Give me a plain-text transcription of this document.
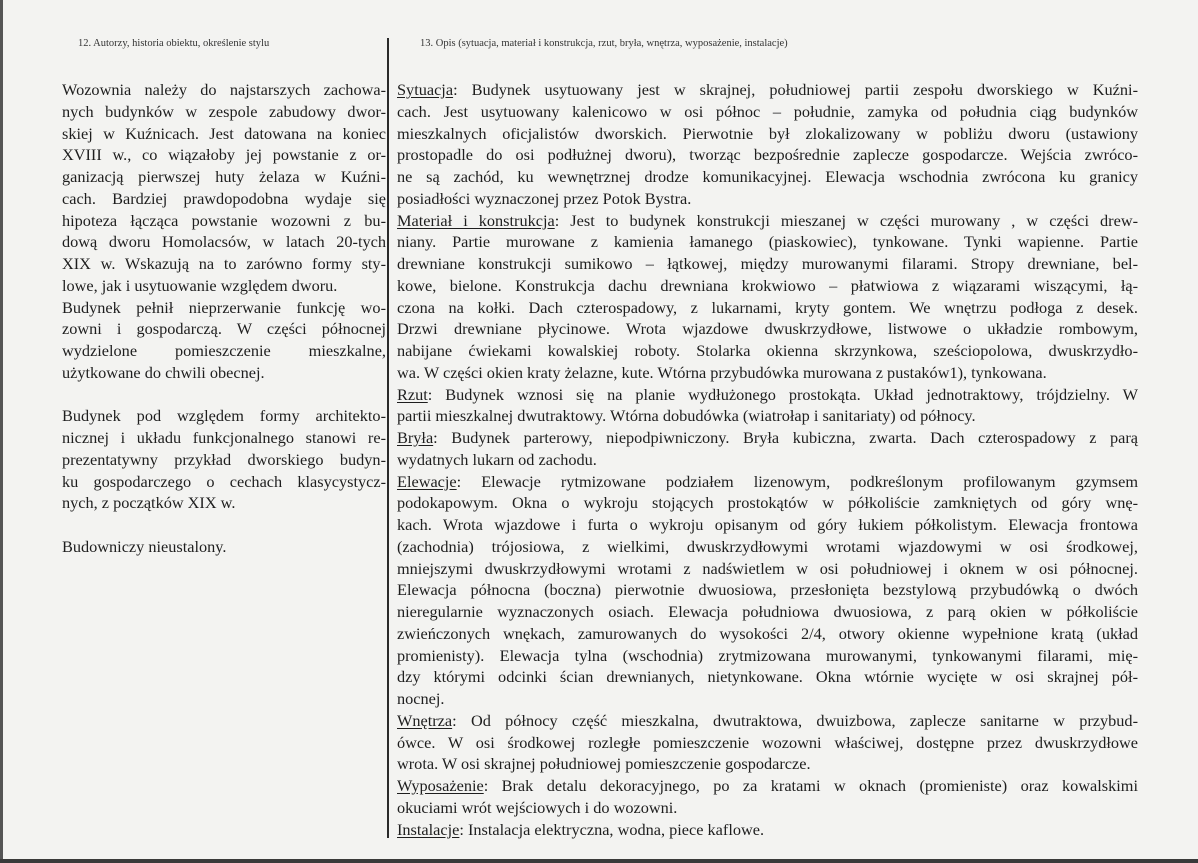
12. Autorzy, historia obiektu, określenie stylu	13. Opis (sytuacja, materiał i konstrukcja, rzut, bryła, wnętrza, wyposażenie, instalacje)
Wozownia należy do najstarszych zachowa-
nych budynków w zespole zabudowy dwor-
skiej w Kuźnicach. Jest datowana na koniec
XVIII w., co wiązałoby jej powstanie z or-
ganizacją pierwszej huty żelaza w Kuźni-
cach. Bardziej prawdopodobna wydaje się
hipoteza łącząca powstanie wozowni z bu-
dową dworu Homolacsów, w latach 20-tych
XIX w. Wskazują na to zarówno formy sty-
lowe, jak i usytuowanie względem dworu.
Budynek pełnił nieprzerwanie funkcję wo-
zowni i gospodarczą. W części północnej
wydzielone pomieszczenie mieszkalne,
użytkowane do chwili obecnej.
Budynek pod względem formy architekto-
nicznej i układu funkcjonalnego stanowi re-
prezentatywny przykład dworskiego budyn-
ku gospodarczego o cechach klasycystycz-
nych, z początków XIX w.
Budowniczy nieustalony.
Sytuacja: Budynek usytuowany jest w skrajnej, południowej partii zespołu dworskiego w Kuźni-
cach. Jest usytuowany kalenicowo w osi północ – południe, zamyka od południa ciąg budynków
mieszkalnych oficjalistów dworskich. Pierwotnie był zlokalizowany w pobliżu dworu (ustawiony
prostopadle do osi podłużnej dworu), tworząc bezpośrednie zaplecze gospodarcze. Wejścia zwróco-
ne są zachód, ku wewnętrznej drodze komunikacyjnej. Elewacja wschodnia zwrócona ku granicy
posiadłości wyznaczonej przez Potok Bystra.
Materiał i konstrukcja: Jest to budynek konstrukcji mieszanej w części murowany , w części drew-
niany. Partie murowane z kamienia łamanego (piaskowiec), tynkowane. Tynki wapienne. Partie
drewniane konstrukcji sumikowo – łątkowej, między murowanymi filarami. Stropy drewniane, bel-
kowe, bielone. Konstrukcja dachu drewniana krokwiowo – płatwiowa z wiązarami wiszącymi, łą-
czona na kołki. Dach czterospadowy, z lukarnami, kryty gontem. We wnętrzu podłoga z desek.
Drzwi drewniane płycinowe. Wrota wjazdowe dwuskrzydłowe, listwowe o układzie rombowym,
nabijane ćwiekami kowalskiej roboty. Stolarka okienna skrzynkowa, sześciopolowa, dwuskrzydło-
wa. W części okien kraty żelazne, kute. Wtórna przybudówka murowana z pustaków1), tynkowana.
Rzut: Budynek wznosi się na planie wydłużonego prostokąta. Układ jednotraktowy, trójdzielny. W
partii mieszkalnej dwutraktowy. Wtórna dobudówka (wiatrołap i sanitariaty) od północy.
Bryła: Budynek parterowy, niepodpiwniczony. Bryła kubiczna, zwarta. Dach czterospadowy z parą
wydatnych lukarn od zachodu.
Elewacje: Elewacje rytmizowane podziałem lizenowym, podkreślonym profilowanym gzymsem
podokapowym. Okna o wykroju stojących prostokątów w półkoliście zamkniętych od góry wnę-
kach. Wrota wjazdowe i furta o wykroju opisanym od góry łukiem półkolistym. Elewacja frontowa
(zachodnia) trójosiowa, z wielkimi, dwuskrzydłowymi wrotami wjazdowymi w osi środkowej,
mniejszymi dwuskrzydłowymi wrotami z nadświetlem w osi południowej i oknem w osi północnej.
Elewacja północna (boczna) pierwotnie dwuosiowa, przesłonięta bezstylową przybudówką o dwóch
nieregularnie wyznaczonych osiach. Elewacja południowa dwuosiowa, z parą okien w półkoliście
zwieńczonych wnękach, zamurowanych do wysokości 2/4, otwory okienne wypełnione kratą (układ
promienisty). Elewacja tylna (wschodnia) zrytmizowana murowanymi, tynkowanymi filarami, mię-
dzy którymi odcinki ścian drewnianych, nietynkowane. Okna wtórnie wycięte w osi skrajnej pół-
nocnej.
Wnętrza: Od północy część mieszkalna, dwutraktowa, dwuizbowa, zaplecze sanitarne w przybud-
ówce. W osi środkowej rozległe pomieszczenie wozowni właściwej, dostępne przez dwuskrzydłowe
wrota. W osi skrajnej południowej pomieszczenie gospodarcze.
Wyposażenie: Brak detalu dekoracyjnego, po za kratami w oknach (promieniste) oraz kowalskimi
okuciami wrót wejściowych i do wozowni.
Instalacje: Instalacja elektryczna, wodna, piece kaflowe.
